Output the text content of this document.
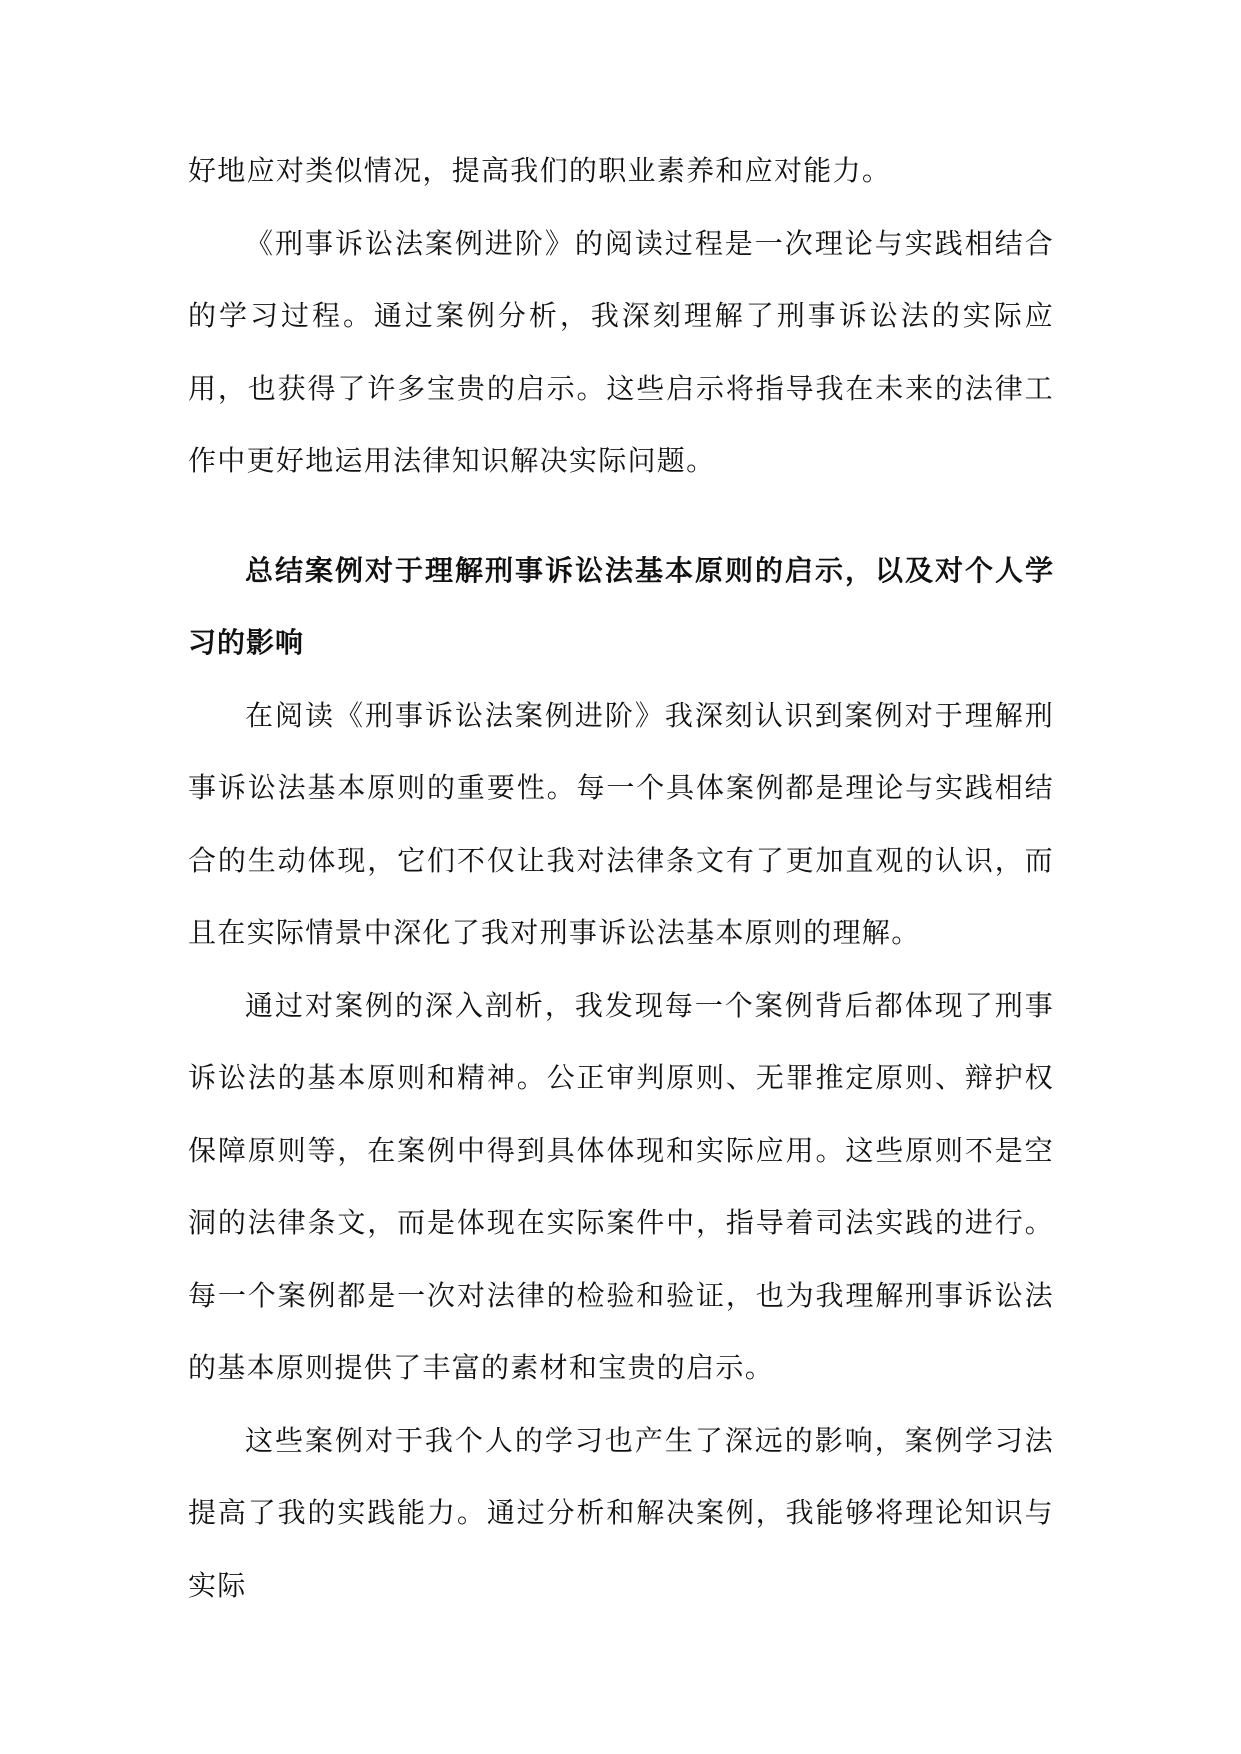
好地应对类似情况，提高我们的职业素养和应对能力。

《刑事诉讼法案例进阶》的阅读过程是一次理论与实践相结合的学习过程。通过案例分析，我深刻理解了刑事诉讼法的实际应用，也获得了许多宝贵的启示。这些启示将指导我在未来的法律工作中更好地运用法律知识解决实际问题。

总结案例对于理解刑事诉讼法基本原则的启示，以及对个人学习的影响

在阅读《刑事诉讼法案例进阶》我深刻认识到案例对于理解刑事诉讼法基本原则的重要性。每一个具体案例都是理论与实践相结合的生动体现，它们不仅让我对法律条文有了更加直观的认识，而且在实际情景中深化了我对刑事诉讼法基本原则的理解。

通过对案例的深入剖析，我发现每一个案例背后都体现了刑事诉讼法的基本原则和精神。公正审判原则、无罪推定原则、辩护权保障原则等，在案例中得到具体体现和实际应用。这些原则不是空洞的法律条文，而是体现在实际案件中，指导着司法实践的进行。每一个案例都是一次对法律的检验和验证，也为我理解刑事诉讼法的基本原则提供了丰富的素材和宝贵的启示。

这些案例对于我个人的学习也产生了深远的影响，案例学习法提高了我的实践能力。通过分析和解决案例，我能够将理论知识与实际
